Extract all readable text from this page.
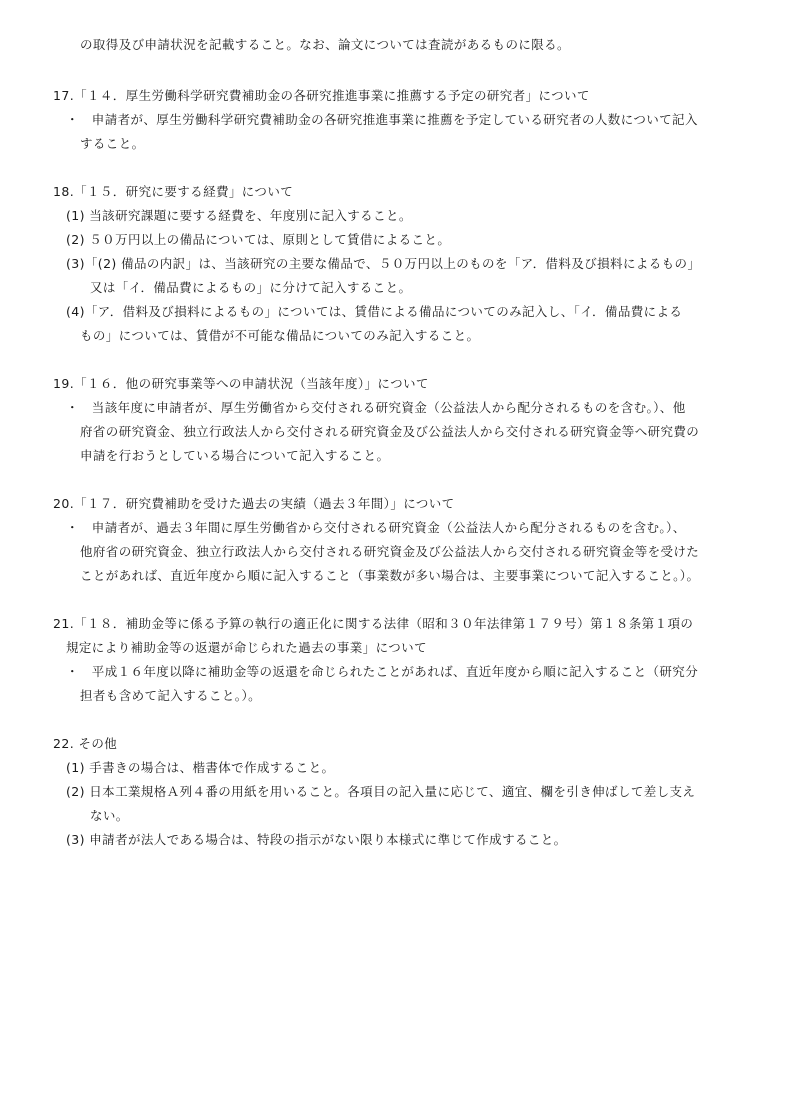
の取得及び申請状況を記載すること。なお、論文については査読があるものに限る。
17.「１４．厚生労働科学研究費補助金の各研究推進事業に推薦する予定の研究者」について
・　申請者が、厚生労働科学研究費補助金の各研究推進事業に推薦を予定している研究者の人数について記入
すること。
18.「１５．研究に要する経費」について
(1) 当該研究課題に要する経費を、年度別に記入すること。
(2) ５０万円以上の備品については、原則として賃借によること。
(3)「(2) 備品の内訳」は、当該研究の主要な備品で、５０万円以上のものを「ア．借料及び損料によるもの」
又は「イ．備品費によるもの」に分けて記入すること。
(4)「ア．借料及び損料によるもの」については、賃借による備品についてのみ記入し、「イ．備品費による
もの」については、賃借が不可能な備品についてのみ記入すること。
19.「１６．他の研究事業等への申請状況（当該年度）」について
・　当該年度に申請者が、厚生労働省から交付される研究資金（公益法人から配分されるものを含む。）、他
府省の研究資金、独立行政法人から交付される研究資金及び公益法人から交付される研究資金等へ研究費の
申請を行おうとしている場合について記入すること。
20.「１７．研究費補助を受けた過去の実績（過去３年間）」について
・　申請者が、過去３年間に厚生労働省から交付される研究資金（公益法人から配分されるものを含む。）、
他府省の研究資金、独立行政法人から交付される研究資金及び公益法人から交付される研究資金等を受けた
ことがあれば、直近年度から順に記入すること（事業数が多い場合は、主要事業について記入すること。）。
21.「１８．補助金等に係る予算の執行の適正化に関する法律（昭和３０年法律第１７９号）第１８条第１項の
規定により補助金等の返還が命じられた過去の事業」について
・　平成１６年度以降に補助金等の返還を命じられたことがあれば、直近年度から順に記入すること（研究分
担者も含めて記入すること。）。
22. その他
(1) 手書きの場合は、楷書体で作成すること。
(2) 日本工業規格Ａ列４番の用紙を用いること。各項目の記入量に応じて、適宜、欄を引き伸ばして差し支え
ない。
(3) 申請者が法人である場合は、特段の指示がない限り本様式に準じて作成すること。
